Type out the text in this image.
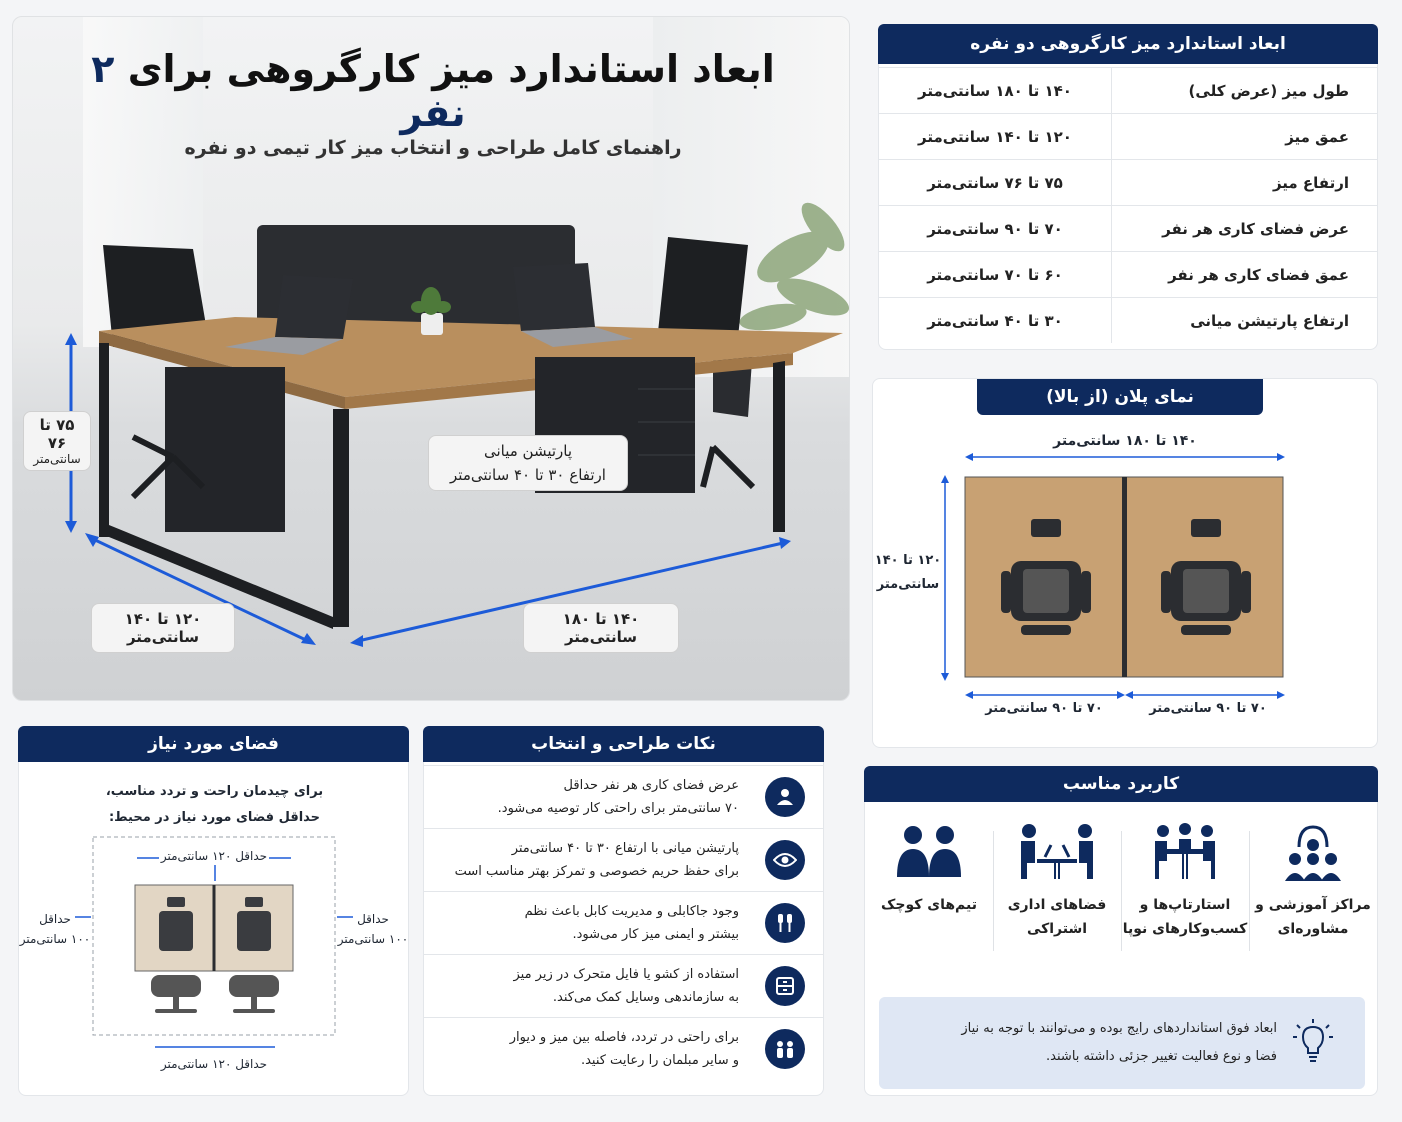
ابعاد استاندارد میز کارگروهی برای ۲ نفر
راهنمای کامل طراحی و انتخاب میز کار تیمی دو نفره
۷۵ تا ۷۶
سانتی‌متر	پارتیشن میانی
ارتفاع ۳۰ تا ۴۰ سانتی‌متر
۱۲۰ تا ۱۴۰ سانتی‌متر
۱۴۰ تا ۱۸۰ سانتی‌متر
ابعاد استاندارد میز کارگروهی دو نفره
طول میز (عرض کلی)
۱۴۰ تا ۱۸۰ سانتی‌متر
عمق میز
۱۲۰ تا ۱۴۰ سانتی‌متر
ارتفاع میز
۷۵ تا ۷۶ سانتی‌متر
عرض فضای کاری هر نفر
۷۰ تا ۹۰ سانتی‌متر
عمق فضای کاری هر نفر
۶۰ تا ۷۰ سانتی‌متر
ارتفاع پارتیشن میانی
۳۰ تا ۴۰ سانتی‌متر
نمای پلان (از بالا)
۱۴۰ تا ۱۸۰ سانتی‌متر
۱۲۰ تا ۱۴۰
سانتی‌متر
۷۰ تا ۹۰ سانتی‌متر	۷۰ تا ۹۰ سانتی‌متر
فضای مورد نیاز
برای چیدمان راحت و تردد مناسب،
حداقل فضای مورد نیاز در محیط:
حداقل ۱۲۰ سانتی‌متر
حداقل
۱۰۰ سانتی‌متر
حداقل
۱۰۰ سانتی‌متر
حداقل ۱۲۰ سانتی‌متر
نکات طراحی و انتخاب
عرض فضای کاری هر نفر حداقل
۷۰ سانتی‌متر برای راحتی کار توصیه می‌شود.
پارتیشن میانی با ارتفاع ۳۰ تا ۴۰ سانتی‌متر
برای حفظ حریم خصوصی و تمرکز بهتر مناسب است
وجود جاکابلی و مدیریت کابل باعث نظم
بیشتر و ایمنی میز کار می‌شود.
استفاده از کشو یا فایل متحرک در زیر میز
به سازماندهی وسایل کمک می‌کند.
برای راحتی در تردد، فاصله بین میز و دیوار
و سایر مبلمان را رعایت کنید.
کاربرد مناسب
مراکز آموزشی و
مشاوره‌ای
استارتاپ‌ها و
کسب‌وکارهای نوپا
فضاهای اداری
اشتراکی
تیم‌های کوچک
ابعاد فوق استانداردهای رایج بوده و می‌توانند با توجه به نیاز
فضا و نوع فعالیت تغییر جزئی داشته باشند.
